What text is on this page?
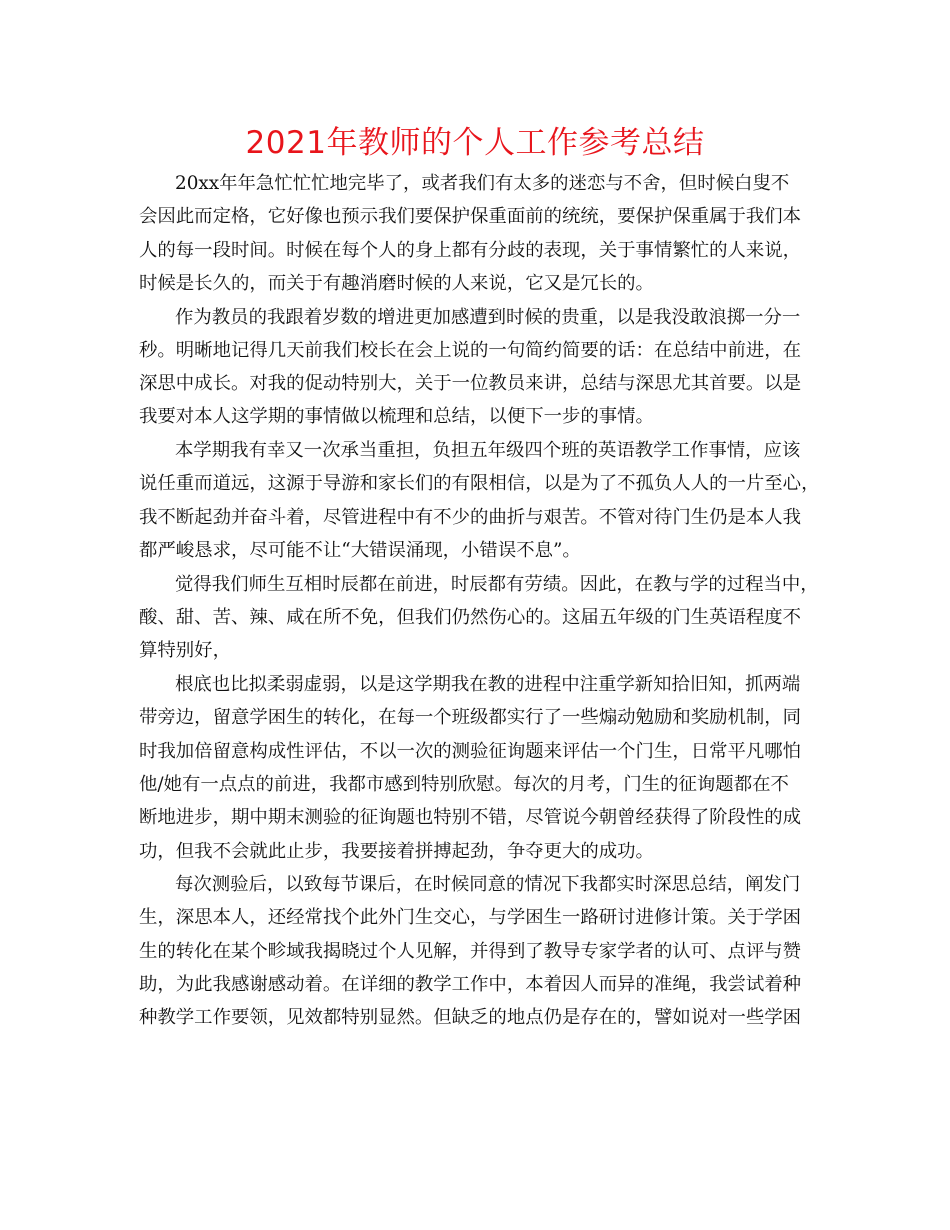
2021年教师的个人工作参考总结

20xx年年急忙忙忙地完毕了，或者我们有太多的迷恋与不舍，但时候白叟不
会因此而定格，它好像也预示我们要保护保重面前的统统，要保护保重属于我们本
人的每一段时间。时候在每个人的身上都有分歧的表现，关于事情繁忙的人来说，
时候是长久的，而关于有趣消磨时候的人来说，它又是冗长的。

作为教员的我跟着岁数的增进更加感遭到时候的贵重，以是我没敢浪掷一分一
秒。明晰地记得几天前我们校长在会上说的一句简约简要的话：在总结中前进，在
深思中成长。对我的促动特别大，关于一位教员来讲，总结与深思尤其首要。以是
我要对本人这学期的事情做以梳理和总结，以便下一步的事情。

本学期我有幸又一次承当重担，负担五年级四个班的英语教学工作事情，应该
说任重而道远，这源于导游和家长们的有限相信，以是为了不孤负人人的一片至心，
我不断起劲并奋斗着，尽管进程中有不少的曲折与艰苦。不管对待门生仍是本人我
都严峻恳求，尽可能不让“大错误涌现，小错误不息”。

觉得我们师生互相时辰都在前进，时辰都有劳绩。因此，在教与学的过程当中，
酸、甜、苦、辣、咸在所不免，但我们仍然伤心的。这届五年级的门生英语程度不
算特别好，

根底也比拟柔弱虚弱，以是这学期我在教的进程中注重学新知拾旧知，抓两端
带旁边，留意学困生的转化，在每一个班级都实行了一些煽动勉励和奖励机制，同
时我加倍留意构成性评估，不以一次的测验征询题来评估一个门生，日常平凡哪怕
他/她有一点点的前进，我都市感到特别欣慰。每次的月考，门生的征询题都在不
断地进步，期中期末测验的征询题也特别不错，尽管说今朝曾经获得了阶段性的成
功，但我不会就此止步，我要接着拼搏起劲，争夺更大的成功。

每次测验后，以致每节课后，在时候同意的情况下我都实时深思总结，阐发门
生，深思本人，还经常找个此外门生交心，与学困生一路研讨进修计策。关于学困
生的转化在某个畛域我揭晓过个人见解，并得到了教导专家学者的认可、点评与赞
助，为此我感谢感动着。在详细的教学工作中，本着因人而异的准绳，我尝试着种
种教学工作要领，见效都特别显然。但缺乏的地点仍是存在的，譬如说对一些学困
